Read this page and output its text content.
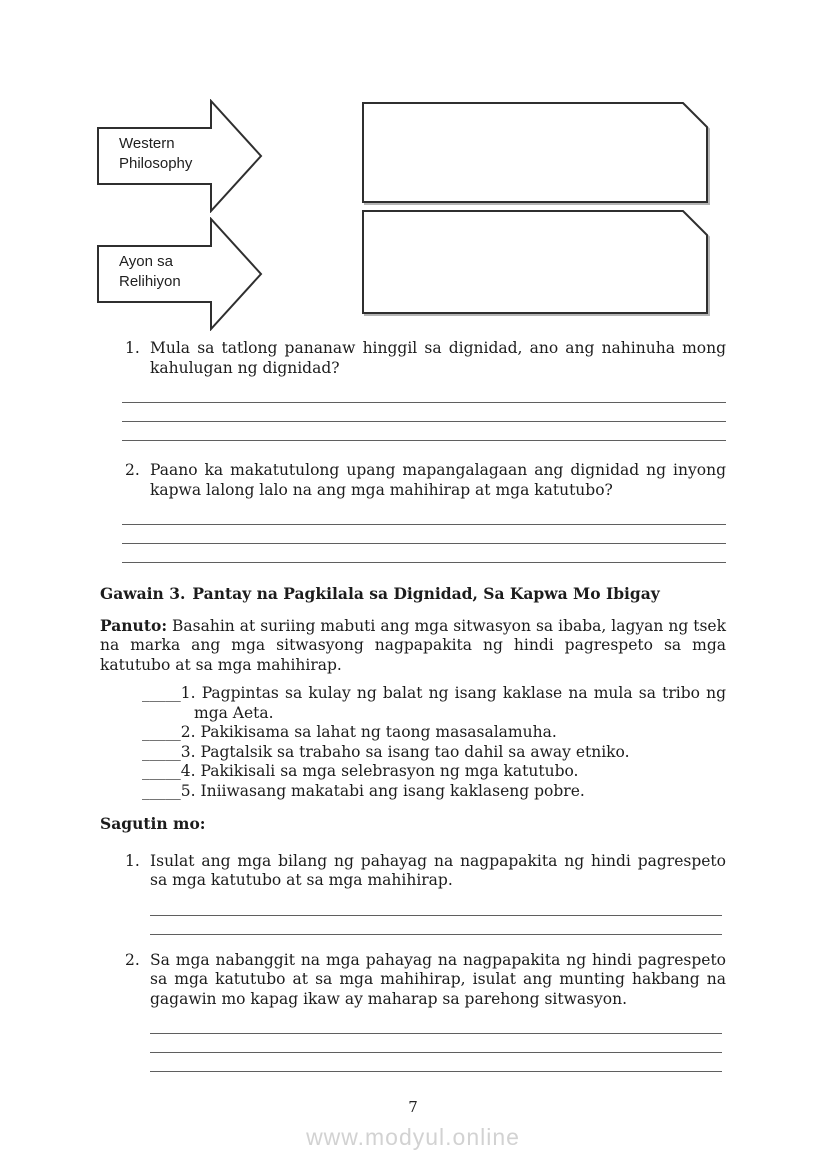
Western
Philosophy
Ayon sa
Relihiyon
1. Mula sa tatlong pananaw hinggil sa dignidad, ano ang nahinuha mong kahulugan ng dignidad?
2. Paano ka makatutulong upang mapangalagaan ang dignidad ng inyong kapwa lalong lalo na ang mga mahihirap at mga katutubo?
Gawain 3. Pantay na Pagkilala sa Dignidad, Sa Kapwa Mo Ibigay

Panuto: Basahin at suriing mabuti ang mga sitwasyon sa ibaba, lagyan ng tsek na marka ang mga sitwasyong nagpapakita ng hindi pagrespeto sa mga katutubo at sa mga mahihirap.

_____1. Pagpintas sa kulay ng balat ng isang kaklase na mula sa tribo ng mga Aeta.
_____2. Pakikisama sa lahat ng taong masasalamuha.
_____3. Pagtalsik sa trabaho sa isang tao dahil sa away etniko.
_____4. Pakikisali sa mga selebrasyon ng mga katutubo.
_____5. Iniiwasang makatabi ang isang kaklaseng pobre.
Sagutin mo:
1. Isulat ang mga bilang ng pahayag na nagpapakita ng hindi pagrespeto sa mga katutubo at sa mga mahihirap.
2. Sa mga nabanggit na mga pahayag na nagpapakita ng hindi pagrespeto sa mga katutubo at sa mga mahihirap, isulat ang munting hakbang na gagawin mo kapag ikaw ay maharap sa parehong sitwasyon.
7
www.modyul.online
